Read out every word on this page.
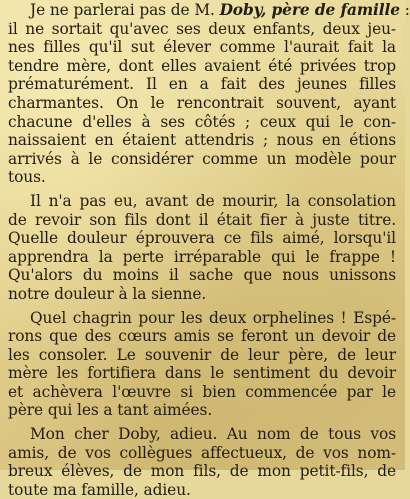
Je ne parlerai pas de M. Doby, père de famille :
il ne sortait qu'avec ses deux enfants, deux jeu-
nes filles qu'il sut élever comme l'aurait fait la
tendre mère, dont elles avaient été privées trop
prématurément. Il en a fait des jeunes filles
charmantes. On le rencontrait souvent, ayant
chacune d'elles à ses côtés ; ceux qui le con-
naissaient en étaient attendris ; nous en étions
arrivés à le considérer comme un modèle pour
tous.
Il n'a pas eu, avant de mourir, la consolation
de revoir son fils dont il était fier à juste titre.
Quelle douleur éprouvera ce fils aimé, lorsqu'il
apprendra la perte irréparable qui le frappe !
Qu'alors du moins il sache que nous unissons
notre douleur à la sienne.
Quel chagrin pour les deux orphelines ! Espé-
rons que des cœurs amis se feront un devoir de
les consoler. Le souvenir de leur père, de leur
mère les fortifiera dans le sentiment du devoir
et achèvera l'œuvre si bien commencée par le
père qui les a tant aimées.
Mon cher Doby, adieu. Au nom de tous vos
amis, de vos collègues affectueux, de vos nom-
breux élèves, de mon fils, de mon petit-fils, de
toute ma famille, adieu.
